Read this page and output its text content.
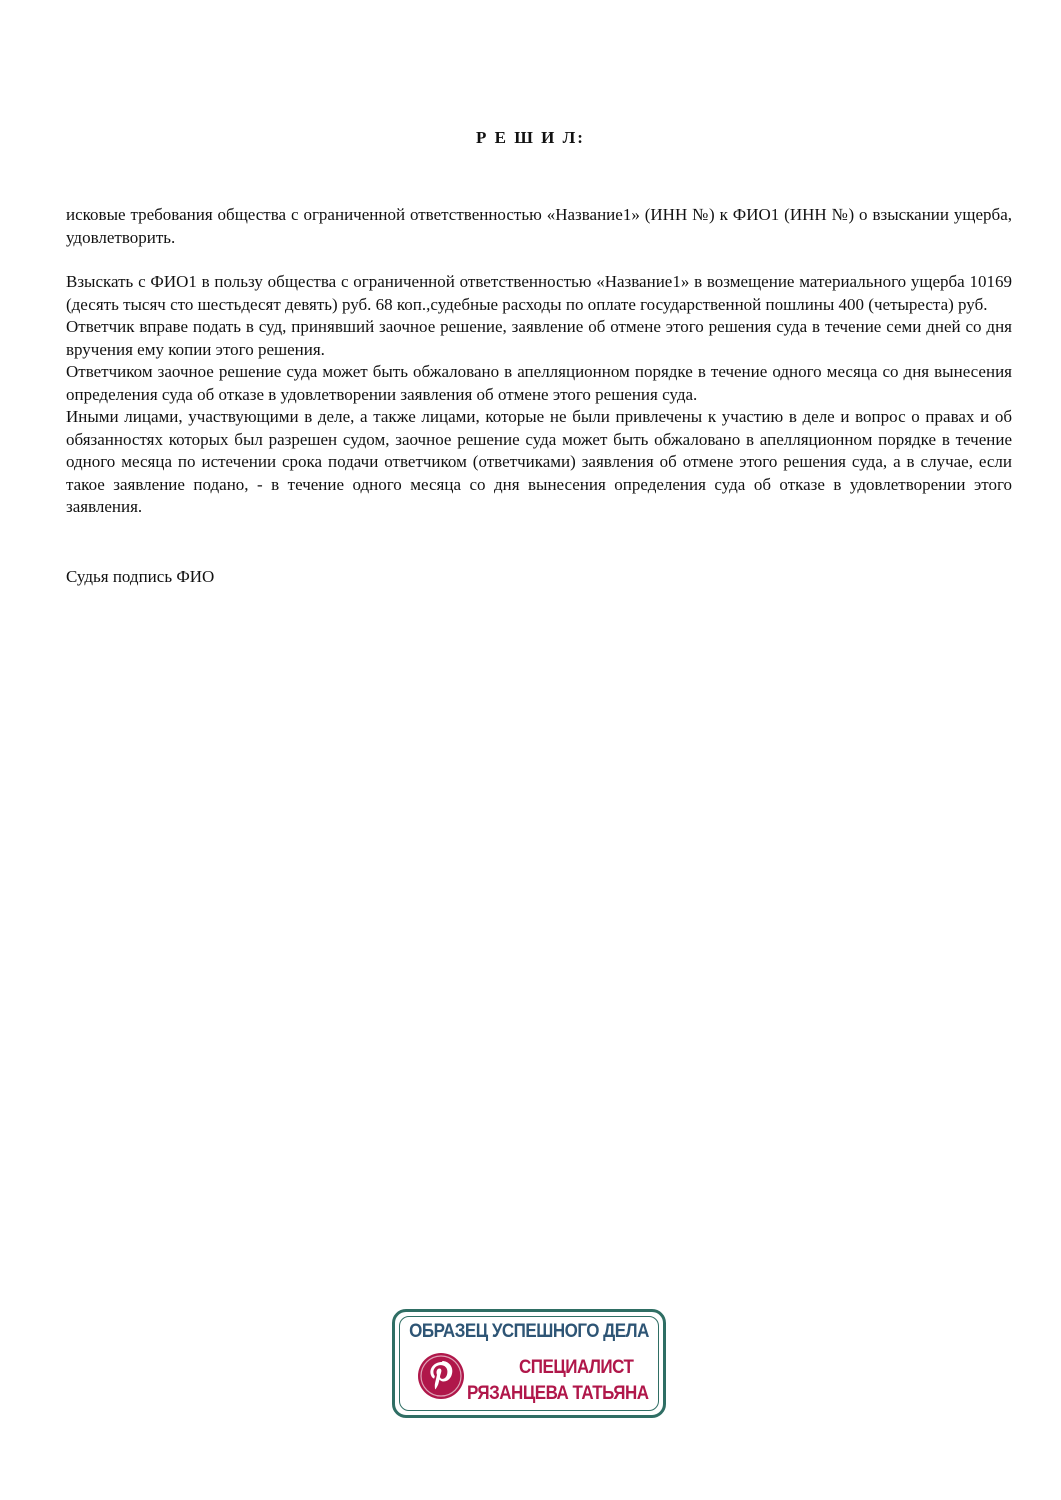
Р Е Ш И Л:

исковые требования общества с ограниченной ответственностью «Название1» (ИНН №) к ФИО1 (ИНН №) о взыскании ущерба, удовлетворить.

Взыскать с ФИО1 в пользу общества с ограниченной ответственностью «Название1» в возмещение материального ущерба 10169 (десять тысяч сто шестьдесят девять) руб. 68 коп.,судебные расходы по оплате государственной пошлины 400 (четыреста) руб.

Ответчик вправе подать в суд, принявший заочное решение, заявление об отмене этого решения суда в течение семи дней со дня вручения ему копии этого решения.

Ответчиком заочное решение суда может быть обжаловано в апелляционном порядке в течение одного месяца со дня вынесения определения суда об отказе в удовлетворении заявления об отмене этого решения суда.

Иными лицами, участвующими в деле, а также лицами, которые не были привлечены к участию в деле и вопрос о правах и об обязанностях которых был разрешен судом, заочное решение суда может быть обжаловано в апелляционном порядке в течение одного месяца по истечении срока подачи ответчиком (ответчиками) заявления об отмене этого решения суда, а в случае, если такое заявление подано, - в течение одного месяца со дня вынесения определения суда об отказе в удовлетворении этого заявления.

Судья подпись ФИО
ОБРАЗЕЦ УСПЕШНОГО ДЕЛА
СПЕЦИАЛИСТ
РЯЗАНЦЕВА ТАТЬЯНА
